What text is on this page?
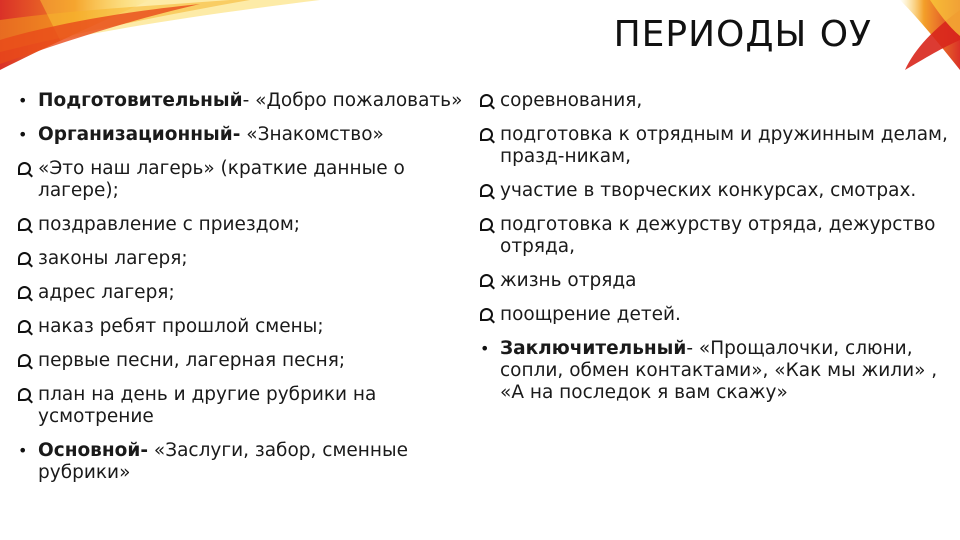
ПЕРИОДЫ ОУ
• Подготовительный- «Добро пожаловать»
• Организационный- «Знакомство»
«Это наш лагерь» (краткие данные о лагере);
поздравление с приездом;
законы лагеря;
адрес лагеря;
наказ ребят прошлой смены;
первые песни, лагерная песня;
план на день и другие рубрики на усмотрение
• Основной- «Заслуги, забор, сменные рубрики»
соревнования,
подготовка к отрядным и дружинным делам, празд-никам,
участие в творческих конкурсах, смотрах.
подготовка к дежурству отряда, дежурство отряда,
жизнь отряда
поощрение детей.
• Заключительный- «Прощалочки, слюни, сопли, обмен контактами», «Как мы жили» , «А на последок я вам скажу»
